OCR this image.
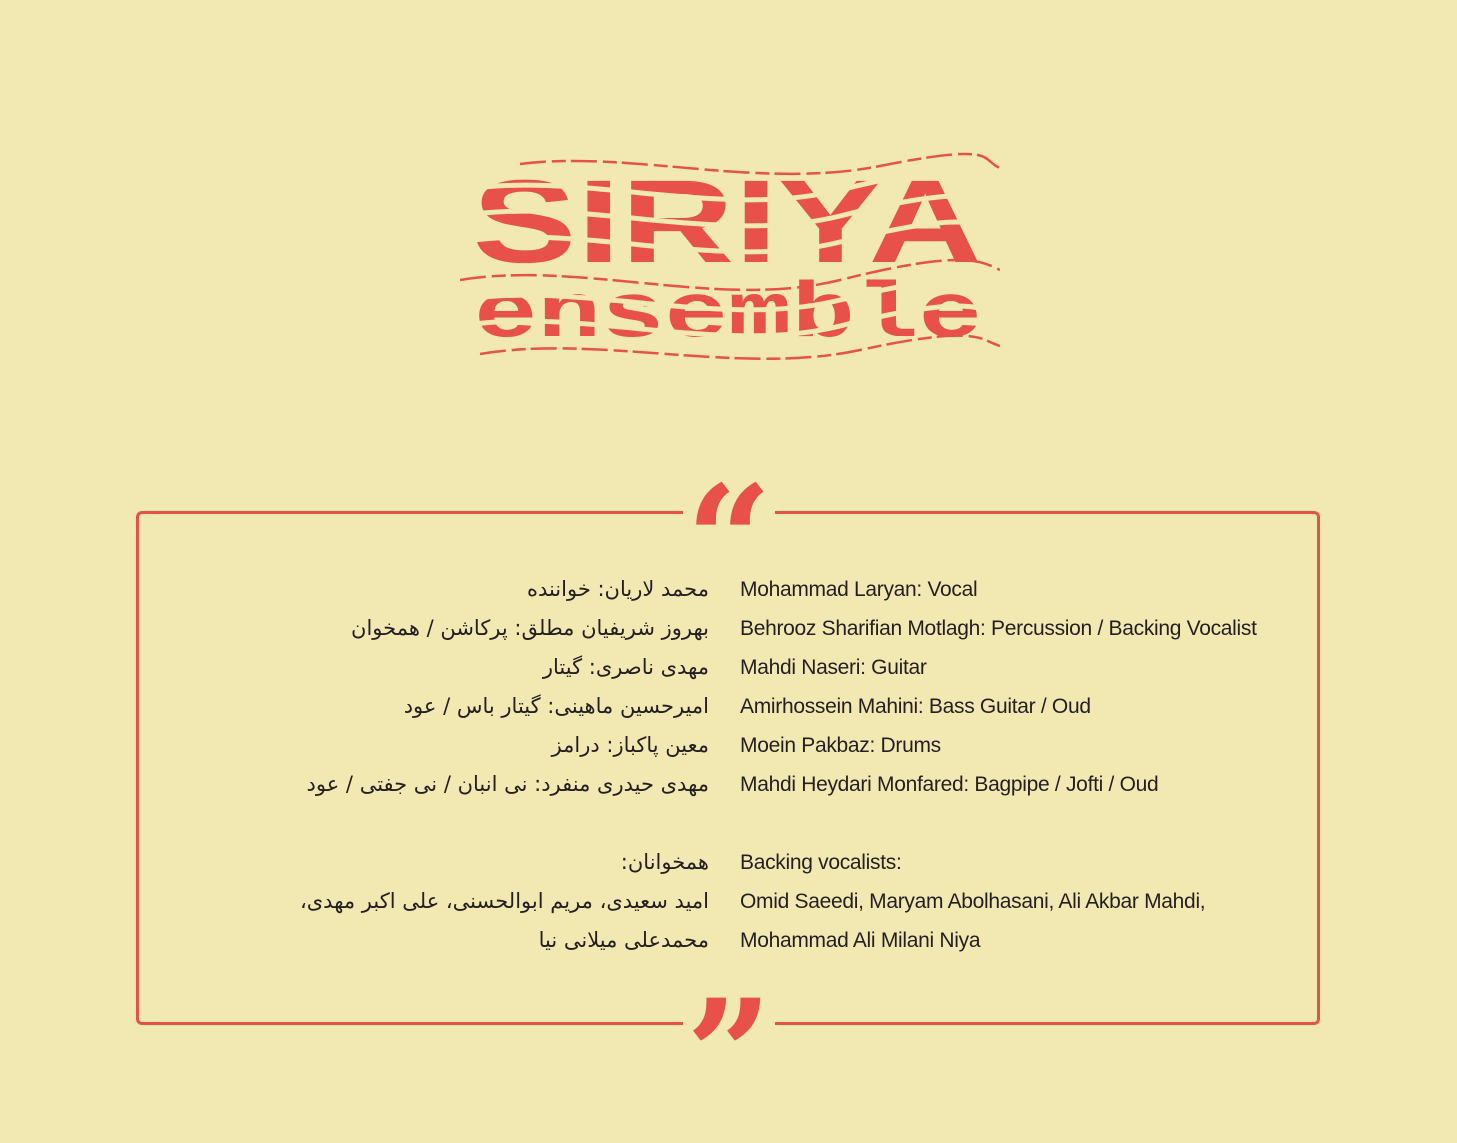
SIRIYA
ensemble
“
”
محمد لاریان: خواننده
بهروز شریفیان مطلق: پرکاشن / همخوان
مهدی ناصری: گیتار
امیرحسین ماهینی: گیتار باس / عود
معین پاکباز: درامز
مهدی حیدری منفرد: نی انبان / نی جفتی / عود
همخوانان:
امید سعیدی، مریم ابوالحسنی، علی اکبر مهدی،
محمدعلی میلانی نیا
Mohammad Laryan: Vocal
Behrooz Sharifian Motlagh: Percussion / Backing Vocalist
Mahdi Naseri: Guitar
Amirhossein Mahini: Bass Guitar / Oud
Moein Pakbaz: Drums
Mahdi Heydari Monfared: Bagpipe / Jofti / Oud
Backing vocalists:
Omid Saeedi, Maryam Abolhasani, Ali Akbar Mahdi,
Mohammad Ali Milani Niya
